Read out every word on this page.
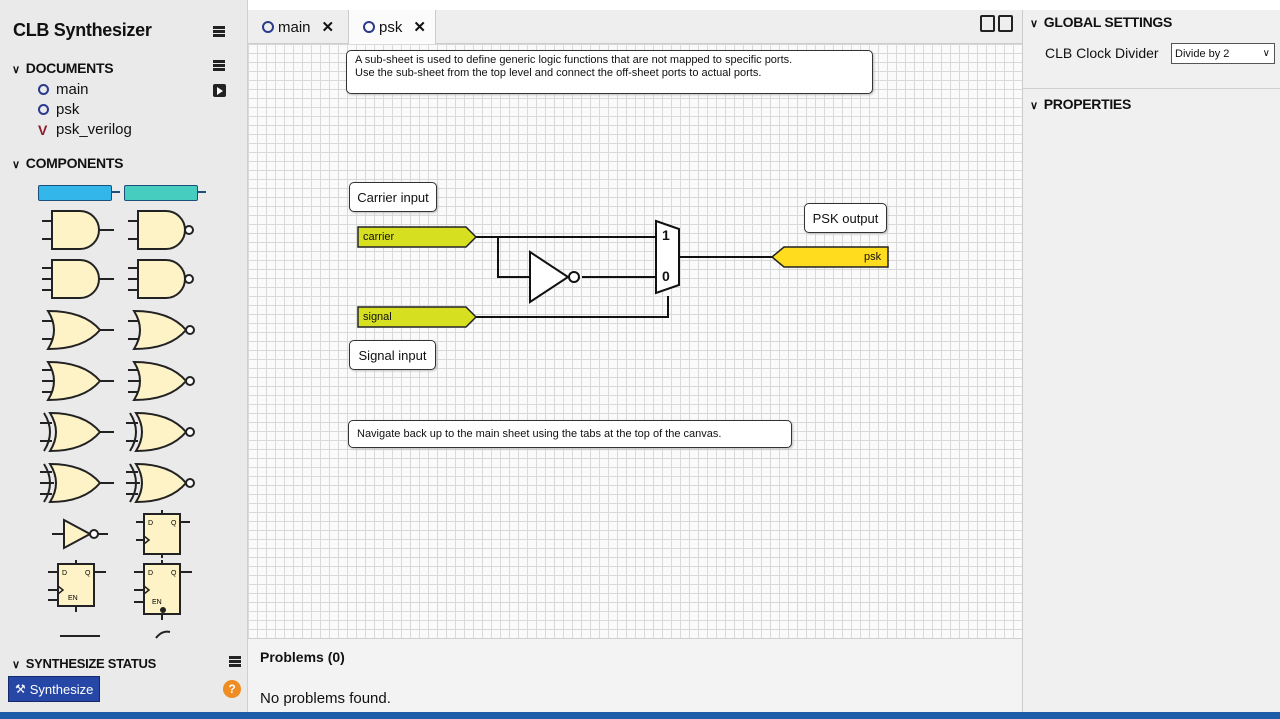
CLB Synthesizer
∨ DOCUMENTS
main
psk
V psk_verilog
∨ COMPONENTS
D	Q
D	Q
EN
D	Q
EN
∨ SYNTHESIZE STATUS
⚒ Synthesize	?
main ✕	psk ✕
A sub-sheet is used to define generic logic functions that are not mapped to specific ports.
Use the sub-sheet from the top level and connect the off-sheet ports to actual ports.
Carrier input
PSK output
Signal input
carrier
signal
psk
1
0
Navigate back up to the main sheet using the tabs at the top of the canvas.
Problems (0)
No problems found.
∨ GLOBAL SETTINGS
CLB Clock Divider Divide by 2	∨
∨ PROPERTIES
